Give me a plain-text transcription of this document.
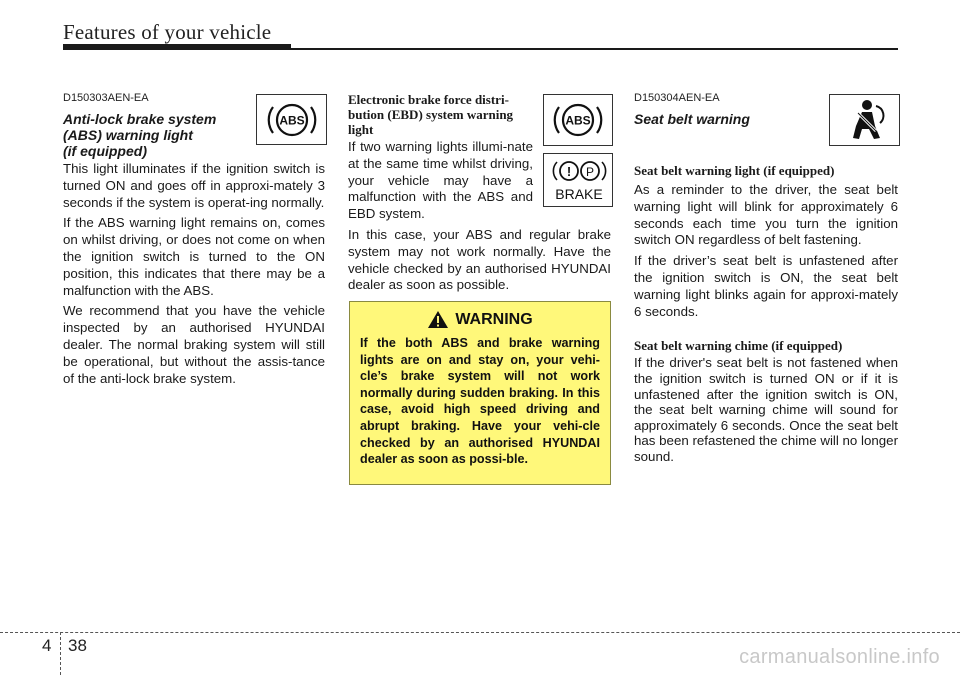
Features of your vehicle
D150303AEN-EA
Anti-lock brake system
(ABS) warning light
(if equipped)

This light illuminates if the ignition switch is turned ON and goes off in approxi-mately 3 seconds if the system is operat-ing normally.

If the ABS warning light remains on, comes on whilst driving, or does not come on when the ignition switch is turned to the ON position, this indicates that there may be a malfunction with the ABS.

We recommend that you have the vehicle inspected by an authorised HYUNDAI dealer. The normal braking system will still be operational, but without the assis-tance of the anti-lock brake system.

ABS
Electronic brake force distri-
bution (EBD) system warning
light

If two warning lights illumi-nate at the same time whilst driving, your vehicle may have a malfunction with the ABS and EBD system.

In this case, your ABS and regular brake system may not work normally. Have the vehicle checked by an authorised HYUNDAI dealer as soon as possible.

ABS
! P
BRAKE
WARNING

If the both ABS and brake warning lights are on and stay on, your vehi-cle’s brake system will not work normally during sudden braking. In this case, avoid high speed driving and abrupt braking. Have your vehi-cle checked by an authorised HYUNDAI dealer as soon as possi-ble.

D150304AEN-EA
Seat belt warning
Seat belt warning light (if equipped)

As a reminder to the driver, the seat belt warning light will blink for approximately 6 seconds each time you turn the ignition switch ON regardless of belt fastening.

If the driver’s seat belt is unfastened after the ignition switch is ON, the seat belt warning light blinks again for approxi-mately 6 seconds.

Seat belt warning chime (if equipped)

If the driver's seat belt is not fastened when the ignition switch is turned ON or if it is unfastened after the ignition switch is ON, the seat belt warning chime will sound for approximately 6 seconds. Once the seat belt has been refastened the chime will no longer sound.

4 38
carmanualsonline.info
